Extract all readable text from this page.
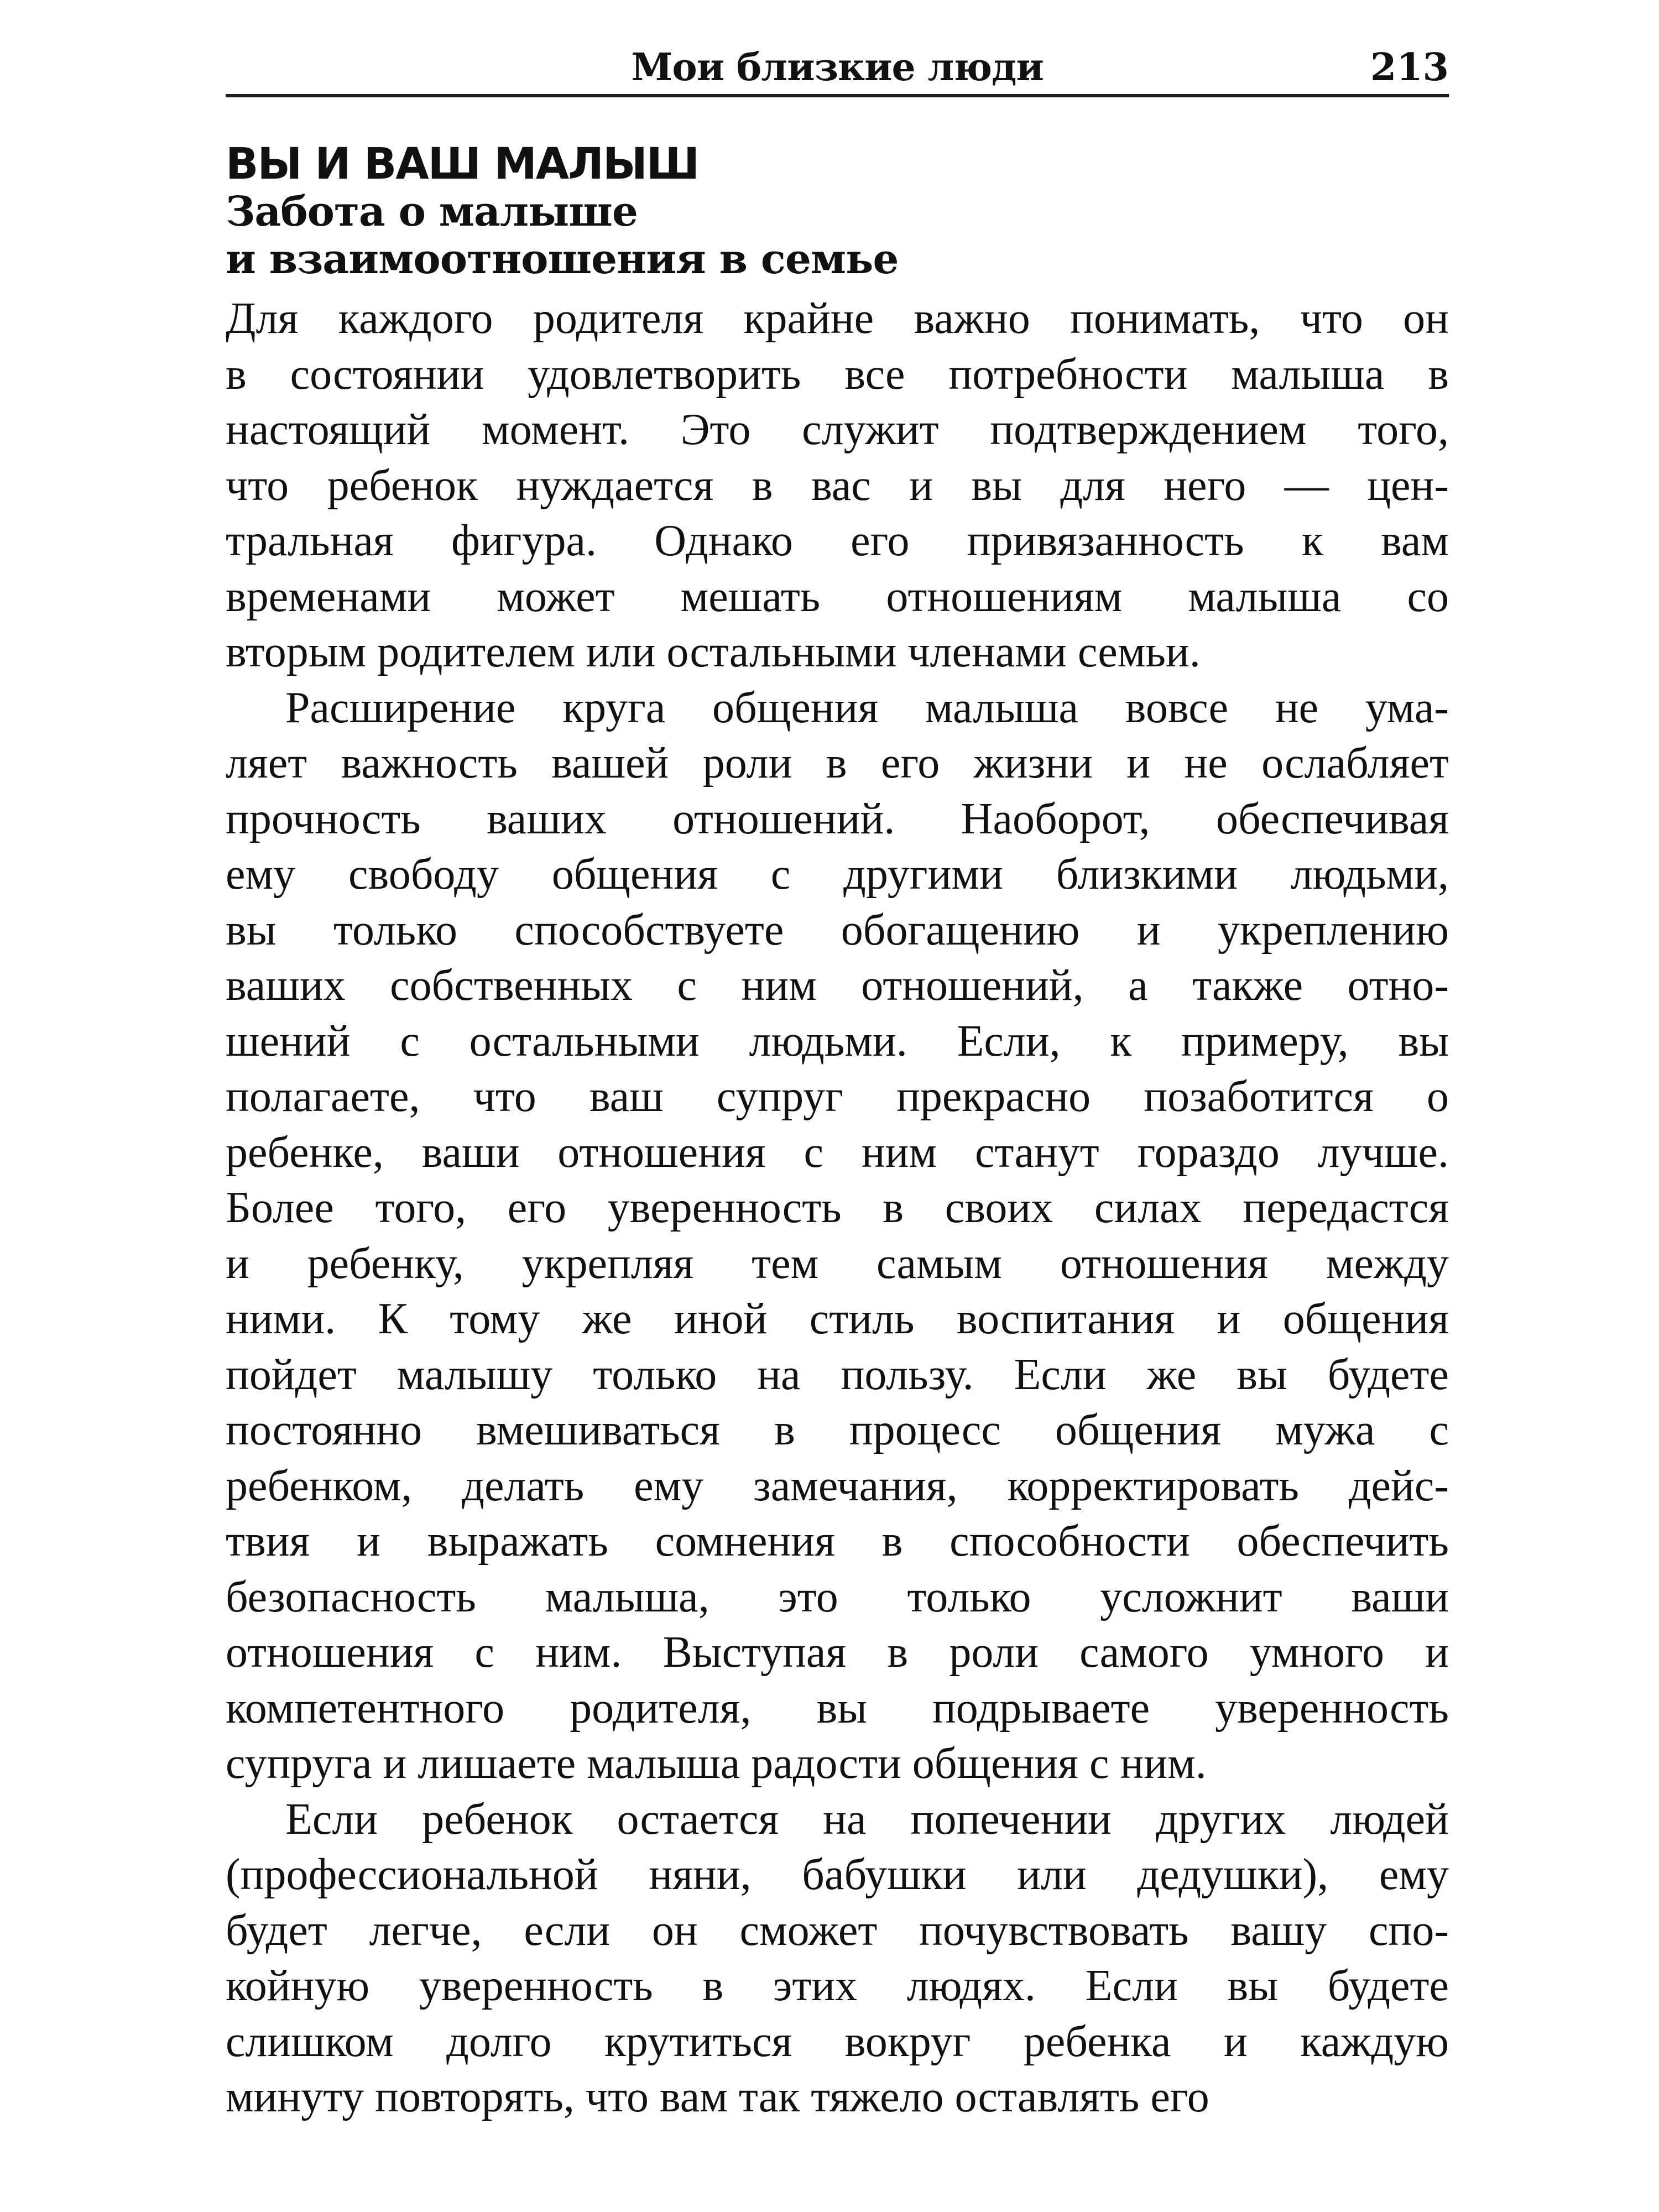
Мои близкие люди	213
ВЫ И ВАШ МАЛЫШ
Забота о малыше
и взаимоотношения в семье
Для каждого родителя крайне важно понимать, что он
в состоянии удовлетворить все потребности малыша в
настоящий момент. Это служит подтверждением того,
что ребенок нуждается в вас и вы для него — цен-
тральная фигура. Однако его привязанность к вам
временами может мешать отношениям малыша со
вторым родителем или остальными членами семьи.
Расширение круга общения малыша вовсе не ума-
ляет важность вашей роли в его жизни и не ослабляет
прочность ваших отношений. Наоборот, обеспечивая
ему свободу общения с другими близкими людьми,
вы только способствуете обогащению и укреплению
ваших собственных с ним отношений, а также отно-
шений с остальными людьми. Если, к примеру, вы
полагаете, что ваш супруг прекрасно позаботится о
ребенке, ваши отношения с ним станут гораздо лучше.
Более того, его уверенность в своих силах передастся
и ребенку, укрепляя тем самым отношения между
ними. К тому же иной стиль воспитания и общения
пойдет малышу только на пользу. Если же вы будете
постоянно вмешиваться в процесс общения мужа с
ребенком, делать ему замечания, корректировать дейс-
твия и выражать сомнения в способности обеспечить
безопасность малыша, это только усложнит ваши
отношения с ним. Выступая в роли самого умного и
компетентного родителя, вы подрываете уверенность
супруга и лишаете малыша радости общения с ним.
Если ребенок остается на попечении других людей
(профессиональной няни, бабушки или дедушки), ему
будет легче, если он сможет почувствовать вашу спо-
койную уверенность в этих людях. Если вы будете
слишком долго крутиться вокруг ребенка и каждую
минуту повторять, что вам так тяжело оставлять его
